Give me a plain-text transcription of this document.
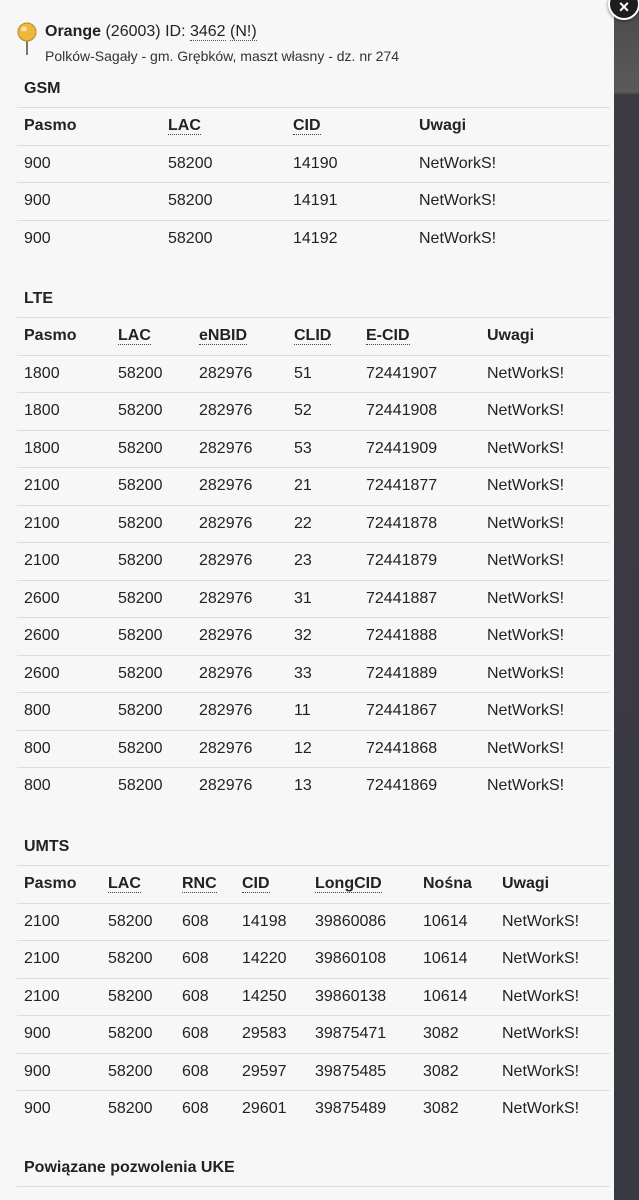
Orange (26003) ID: 3462 (N!)
Polków-Sagały - gm. Grębków, maszt własny - dz. nr 274
GSM
Pasmo	LAC	CID	Uwagi
900	58200	14190	NetWorkS!
900	58200	14191	NetWorkS!
900	58200	14192	NetWorkS!
LTE
Pasmo	LAC	eNBID	CLID	E-CID	Uwagi
1800	58200	282976	51	72441907	NetWorkS!
1800	58200	282976	52	72441908	NetWorkS!
1800	58200	282976	53	72441909	NetWorkS!
2100	58200	282976	21	72441877	NetWorkS!
2100	58200	282976	22	72441878	NetWorkS!
2100	58200	282976	23	72441879	NetWorkS!
2600	58200	282976	31	72441887	NetWorkS!
2600	58200	282976	32	72441888	NetWorkS!
2600	58200	282976	33	72441889	NetWorkS!
800	58200	282976	11	72441867	NetWorkS!
800	58200	282976	12	72441868	NetWorkS!
800	58200	282976	13	72441869	NetWorkS!
UMTS
Pasmo	LAC	RNC	CID	LongCID	Nośna	Uwagi
2100	58200	608	14198	39860086	10614	NetWorkS!
2100	58200	608	14220	39860108	10614	NetWorkS!
2100	58200	608	14250	39860138	10614	NetWorkS!
900	58200	608	29583	39875471	3082	NetWorkS!
900	58200	608	29597	39875485	3082	NetWorkS!
900	58200	608	29601	39875489	3082	NetWorkS!
Powiązane pozwolenia UKE
×
